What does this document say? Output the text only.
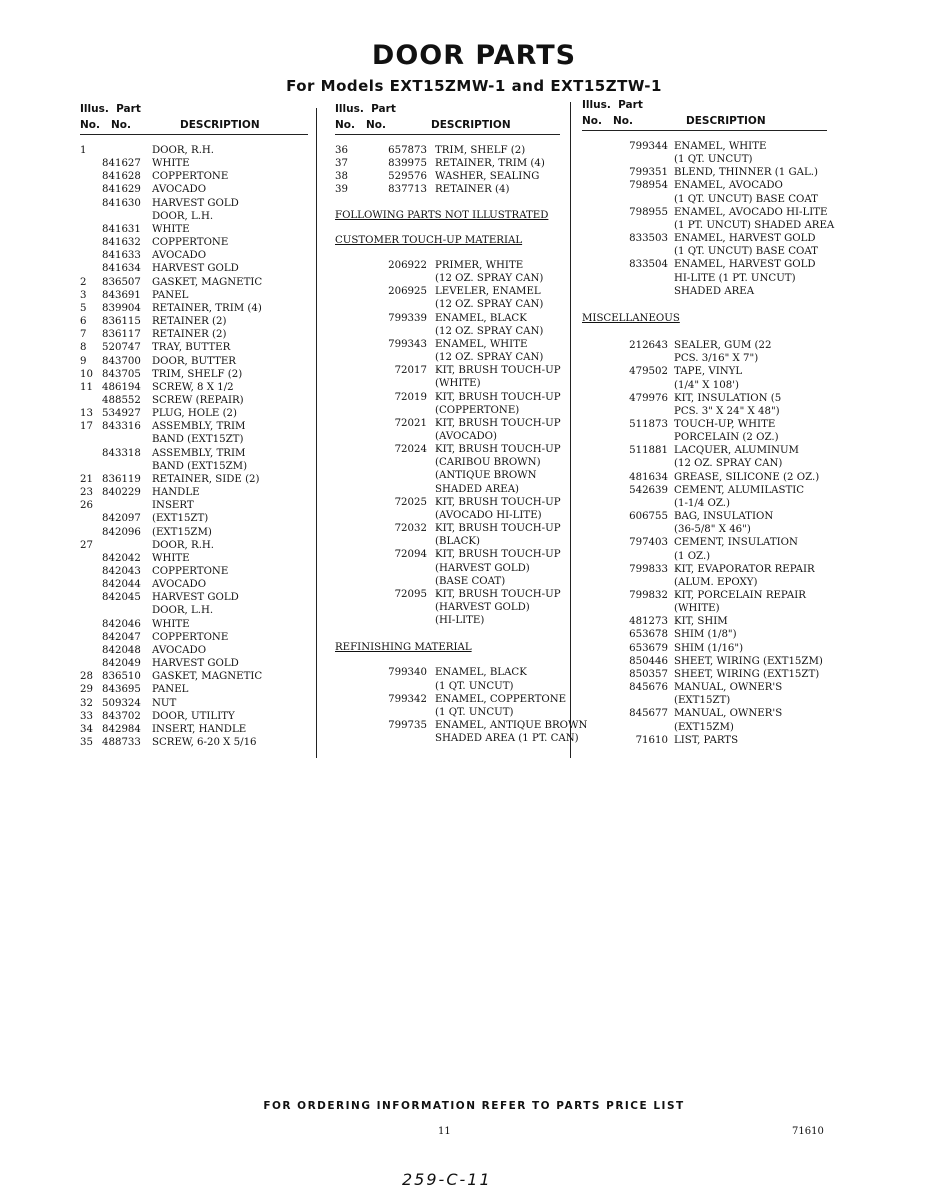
DOOR PARTS
For Models EXT15ZMW-1 and EXT15ZTW-1
Illus. Part
No. No.	DESCRIPTION
1	DOOR, R.H.
841627	WHITE
841628	COPPERTONE
841629	AVOCADO
841630	HARVEST GOLD
DOOR, L.H.
841631	WHITE
841632	COPPERTONE
841633	AVOCADO
841634	HARVEST GOLD
2	836507	GASKET, MAGNETIC
3	843691	PANEL
5	839904	RETAINER, TRIM (4)
6	836115	RETAINER (2)
7	836117	RETAINER (2)
8	520747	TRAY, BUTTER
9	843700	DOOR, BUTTER
10 843705	TRIM, SHELF (2)
11 486194	SCREW, 8 X 1/2
488552	SCREW (REPAIR)
13 534927	PLUG, HOLE (2)
17 843316	ASSEMBLY, TRIM
BAND (EXT15ZT)
843318	ASSEMBLY, TRIM
BAND (EXT15ZM)
21 836119	RETAINER, SIDE (2)
23 840229	HANDLE
26	INSERT
842097	(EXT15ZT)
842096	(EXT15ZM)
27	DOOR, R.H.
842042	WHITE
842043	COPPERTONE
842044	AVOCADO
842045	HARVEST GOLD
DOOR, L.H.
842046	WHITE
842047	COPPERTONE
842048	AVOCADO
842049	HARVEST GOLD
28 836510	GASKET, MAGNETIC
29 843695	PANEL
32 509324	NUT
33 843702	DOOR, UTILITY
34 842984	INSERT, HANDLE
35 488733	SCREW, 6-20 X 5/16
Illus. Part
No. No.	DESCRIPTION
36	657873 TRIM, SHELF (2)
37	839975 RETAINER, TRIM (4)
38	529576 WASHER, SEALING
39	837713 RETAINER (4)
FOLLOWING PARTS NOT ILLUSTRATED
CUSTOMER TOUCH-UP MATERIAL
206922 PRIMER, WHITE
(12 OZ. SPRAY CAN)
206925 LEVELER, ENAMEL
(12 OZ. SPRAY CAN)
799339 ENAMEL, BLACK
(12 OZ. SPRAY CAN)
799343 ENAMEL, WHITE
(12 OZ. SPRAY CAN)
72017 KIT, BRUSH TOUCH-UP
(WHITE)
72019 KIT, BRUSH TOUCH-UP
(COPPERTONE)
72021 KIT, BRUSH TOUCH-UP
(AVOCADO)
72024 KIT, BRUSH TOUCH-UP
(CARIBOU BROWN)
(ANTIQUE BROWN
SHADED AREA)
72025 KIT, BRUSH TOUCH-UP
(AVOCADO HI-LITE)
72032 KIT, BRUSH TOUCH-UP
(BLACK)
72094 KIT, BRUSH TOUCH-UP
(HARVEST GOLD)
(BASE COAT)
72095 KIT, BRUSH TOUCH-UP
(HARVEST GOLD)
(HI-LITE)
REFINISHING MATERIAL
799340 ENAMEL, BLACK
(1 QT. UNCUT)
799342 ENAMEL, COPPERTONE
(1 QT. UNCUT)
799735 ENAMEL, ANTIQUE BROWN
SHADED AREA (1 PT. CAN)
Illus. Part
No. No.	DESCRIPTION
799344 ENAMEL, WHITE
(1 QT. UNCUT)
799351 BLEND, THINNER (1 GAL.)
798954 ENAMEL, AVOCADO
(1 QT. UNCUT) BASE COAT
798955 ENAMEL, AVOCADO HI-LITE
(1 PT. UNCUT) SHADED AREA
833503 ENAMEL, HARVEST GOLD
(1 QT. UNCUT) BASE COAT
833504 ENAMEL, HARVEST GOLD
HI-LITE (1 PT. UNCUT)
SHADED AREA
MISCELLANEOUS
212643 SEALER, GUM (22
PCS. 3/16" X 7")
479502 TAPE, VINYL
(1/4" X 108')
479976 KIT, INSULATION (5
PCS. 3" X 24" X 48")
511873 TOUCH-UP, WHITE
PORCELAIN (2 OZ.)
511881 LACQUER, ALUMINUM
(12 OZ. SPRAY CAN)
481634 GREASE, SILICONE (2 OZ.)
542639 CEMENT, ALUMILASTIC
(1-1/4 OZ.)
606755 BAG, INSULATION
(36-5/8" X 46")
797403 CEMENT, INSULATION
(1 OZ.)
799833 KIT, EVAPORATOR REPAIR
(ALUM. EPOXY)
799832 KIT, PORCELAIN REPAIR
(WHITE)
481273 KIT, SHIM
653678 SHIM (1/8")
653679 SHIM (1/16")
850446 SHEET, WIRING (EXT15ZM)
850357 SHEET, WIRING (EXT15ZT)
845676 MANUAL, OWNER'S
(EXT15ZT)
845677 MANUAL, OWNER'S
(EXT15ZM)
71610 LIST, PARTS
FOR ORDERING INFORMATION REFER TO PARTS PRICE LIST
11	71610
259-C-11
